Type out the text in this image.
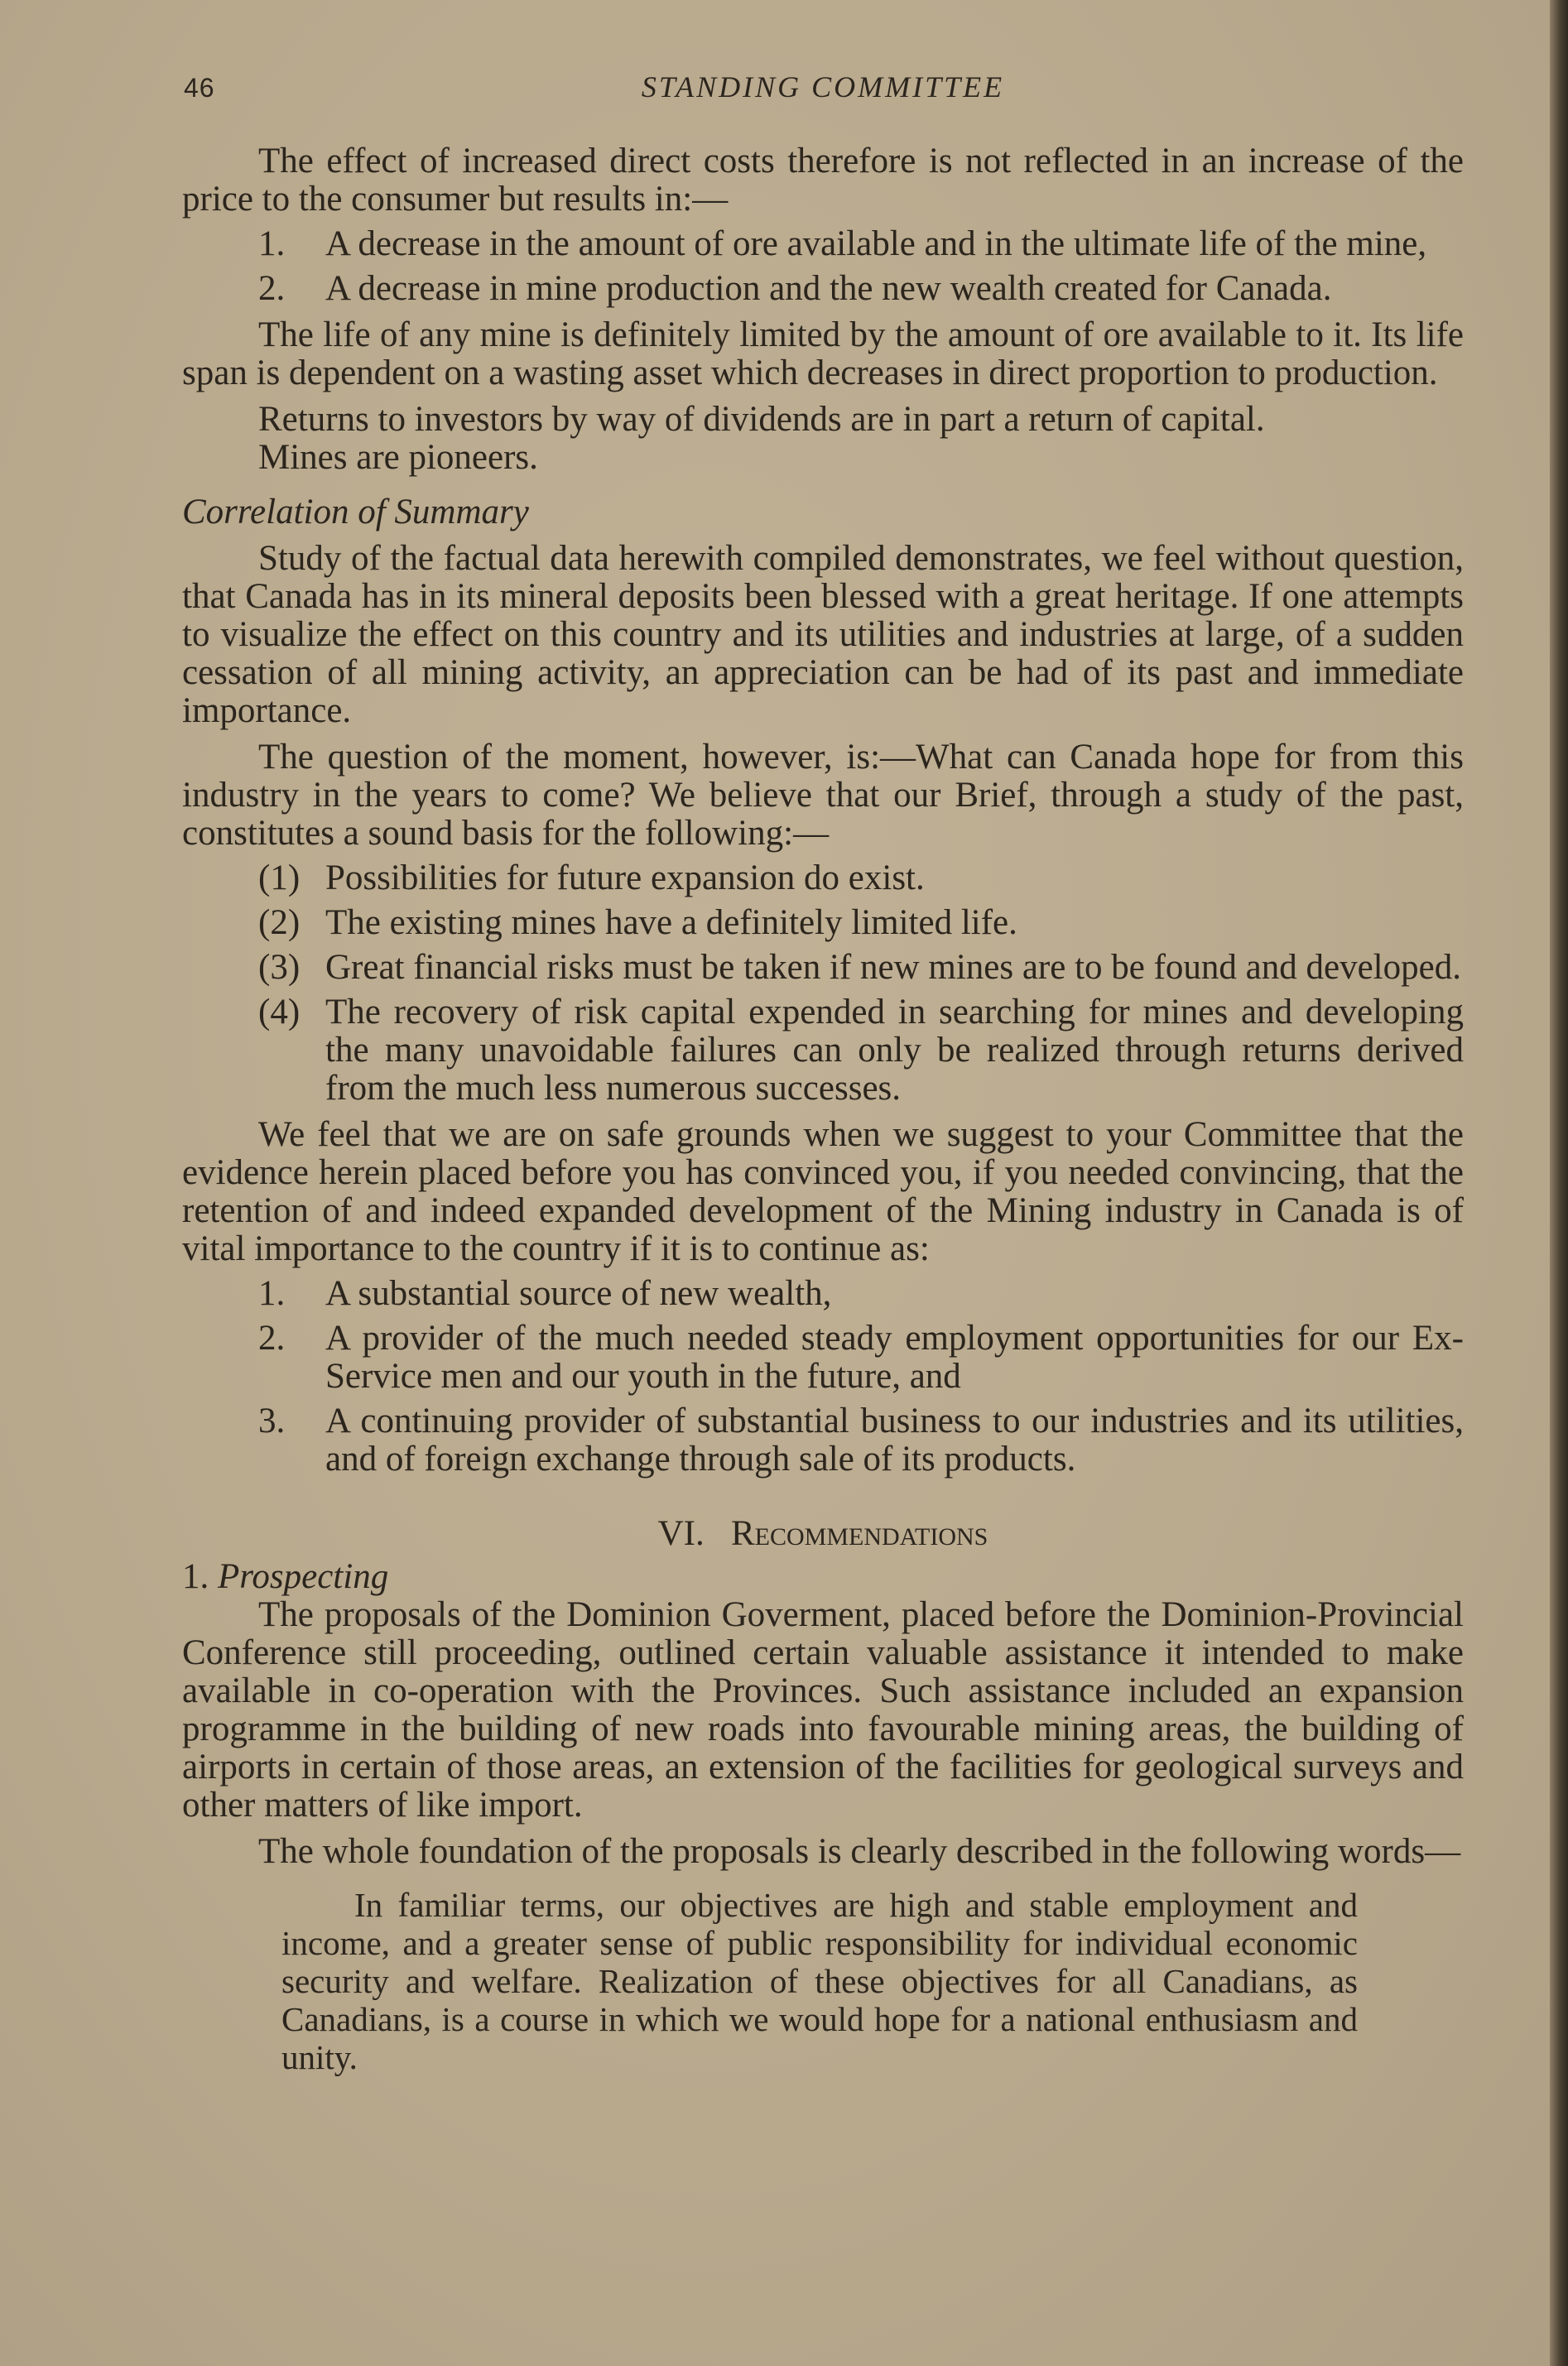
46	STANDING COMMITTEE

The effect of increased direct costs therefore is not reflected in an increase of the price to the consumer but results in:—

1. A decrease in the amount of ore available and in the ultimate life of the mine,
2. A decrease in mine production and the new wealth created for Canada.

The life of any mine is definitely limited by the amount of ore available to it. Its life span is dependent on a wasting asset which decreases in direct proportion to production.

Returns to investors by way of dividends are in part a return of capital.

Mines are pioneers.

Correlation of Summary

Study of the factual data herewith compiled demonstrates, we feel without question, that Canada has in its mineral deposits been blessed with a great heritage. If one attempts to visualize the effect on this country and its utilities and industries at large, of a sudden cessation of all mining activity, an appreciation can be had of its past and immediate importance.

The question of the moment, however, is:—What can Canada hope for from this industry in the years to come? We believe that our Brief, through a study of the past, constitutes a sound basis for the following:—

(1) Possibilities for future expansion do exist.
(2) The existing mines have a definitely limited life.
(3) Great financial risks must be taken if new mines are to be found and developed.
(4) The recovery of risk capital expended in searching for mines and developing the many unavoidable failures can only be realized through returns derived from the much less numerous successes.

We feel that we are on safe grounds when we suggest to your Committee that the evidence herein placed before you has convinced you, if you needed convincing, that the retention of and indeed expanded development of the Mining industry in Canada is of vital importance to the country if it is to continue as:

1. A substantial source of new wealth,
2. A provider of the much needed steady employment opportunities for our Ex-Service men and our youth in the future, and
3. A continuing provider of substantial business to our industries and its utilities, and of foreign exchange through sale of its products.

VI. Recommendations

1. Prospecting

The proposals of the Dominion Goverment, placed before the Dominion-Provincial Conference still proceeding, outlined certain valuable assistance it intended to make available in co-operation with the Provinces. Such assistance included an expansion programme in the building of new roads into favourable mining areas, the building of airports in certain of those areas, an extension of the facilities for geological surveys and other matters of like import.

The whole foundation of the proposals is clearly described in the following words—

In familiar terms, our objectives are high and stable employment and income, and a greater sense of public responsibility for individual economic security and welfare. Realization of these objectives for all Canadians, as Canadians, is a course in which we would hope for a national enthusiasm and unity.
